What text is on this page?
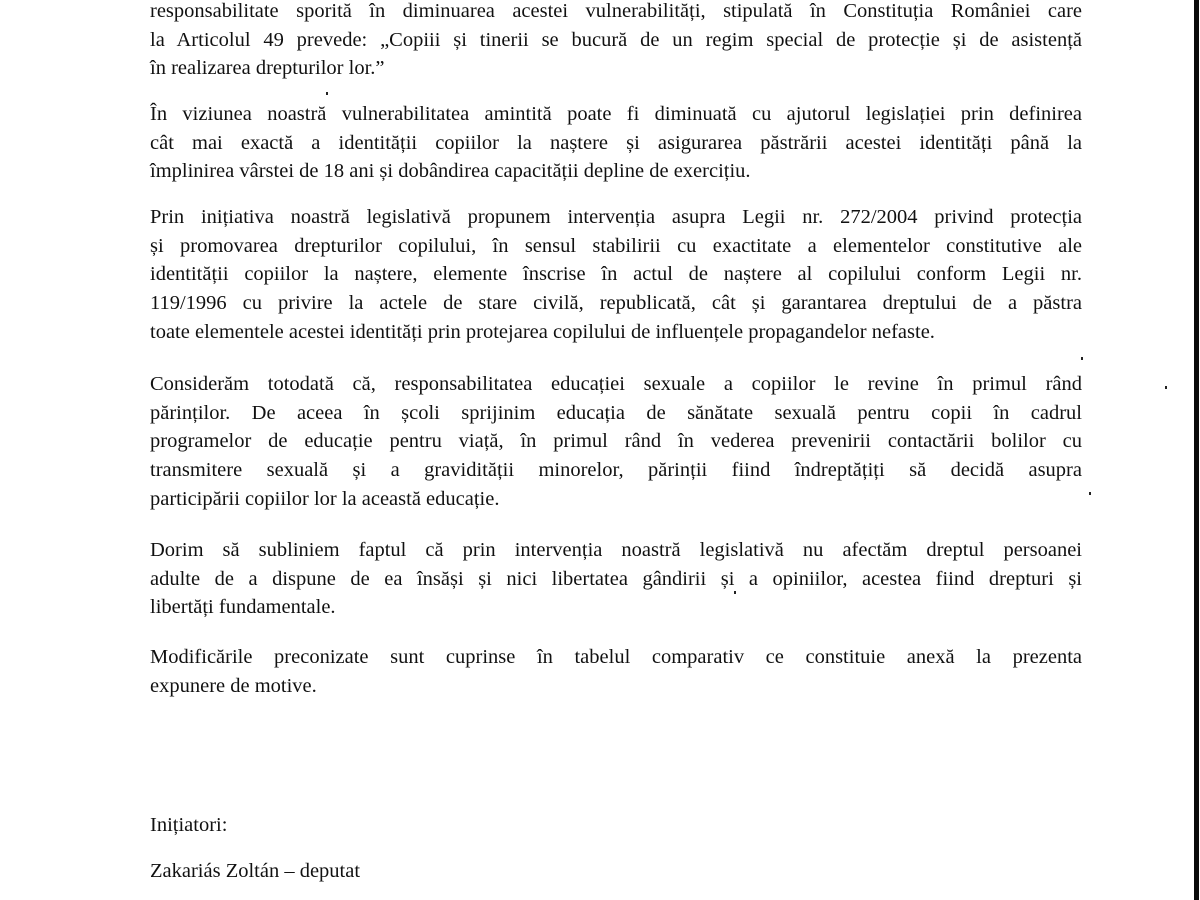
responsabilitate sporită în diminuarea acestei vulnerabilități, stipulată în Constituția României care
la Articolul 49 prevede: „Copiii și tinerii se bucură de un regim special de protecție și de asistență
în realizarea drepturilor lor.”
În viziunea noastră vulnerabilitatea amintită poate fi diminuată cu ajutorul legislației prin definirea
cât mai exactă a identității copiilor la naștere și asigurarea păstrării acestei identități până la
împlinirea vârstei de 18 ani și dobândirea capacității depline de exercițiu.
Prin inițiativa noastră legislativă propunem intervenția asupra Legii nr. 272/2004 privind protecția
și promovarea drepturilor copilului, în sensul stabilirii cu exactitate a elementelor constitutive ale
identității copiilor la naștere, elemente înscrise în actul de naștere al copilului conform Legii nr.
119/1996 cu privire la actele de stare civilă, republicată, cât și garantarea dreptului de a păstra
toate elementele acestei identități prin protejarea copilului de influențele propagandelor nefaste.
Considerăm totodată că, responsabilitatea educației sexuale a copiilor le revine în primul rând
părinților. De aceea în școli sprijinim educația de sănătate sexuală pentru copii în cadrul
programelor de educație pentru viață, în primul rând în vederea prevenirii contactării bolilor cu
transmitere sexuală și a gravidității minorelor, părinții fiind îndreptățiți să decidă asupra
participării copiilor lor la această educație.
Dorim să subliniem faptul că prin intervenția noastră legislativă nu afectăm dreptul persoanei
adulte de a dispune de ea însăși și nici libertatea gândirii și a opiniilor, acestea fiind drepturi și
libertăți fundamentale.
Modificările preconizate sunt cuprinse în tabelul comparativ ce constituie anexă la prezenta
expunere de motive.

Inițiatori:

Zakariás Zoltán – deputat
